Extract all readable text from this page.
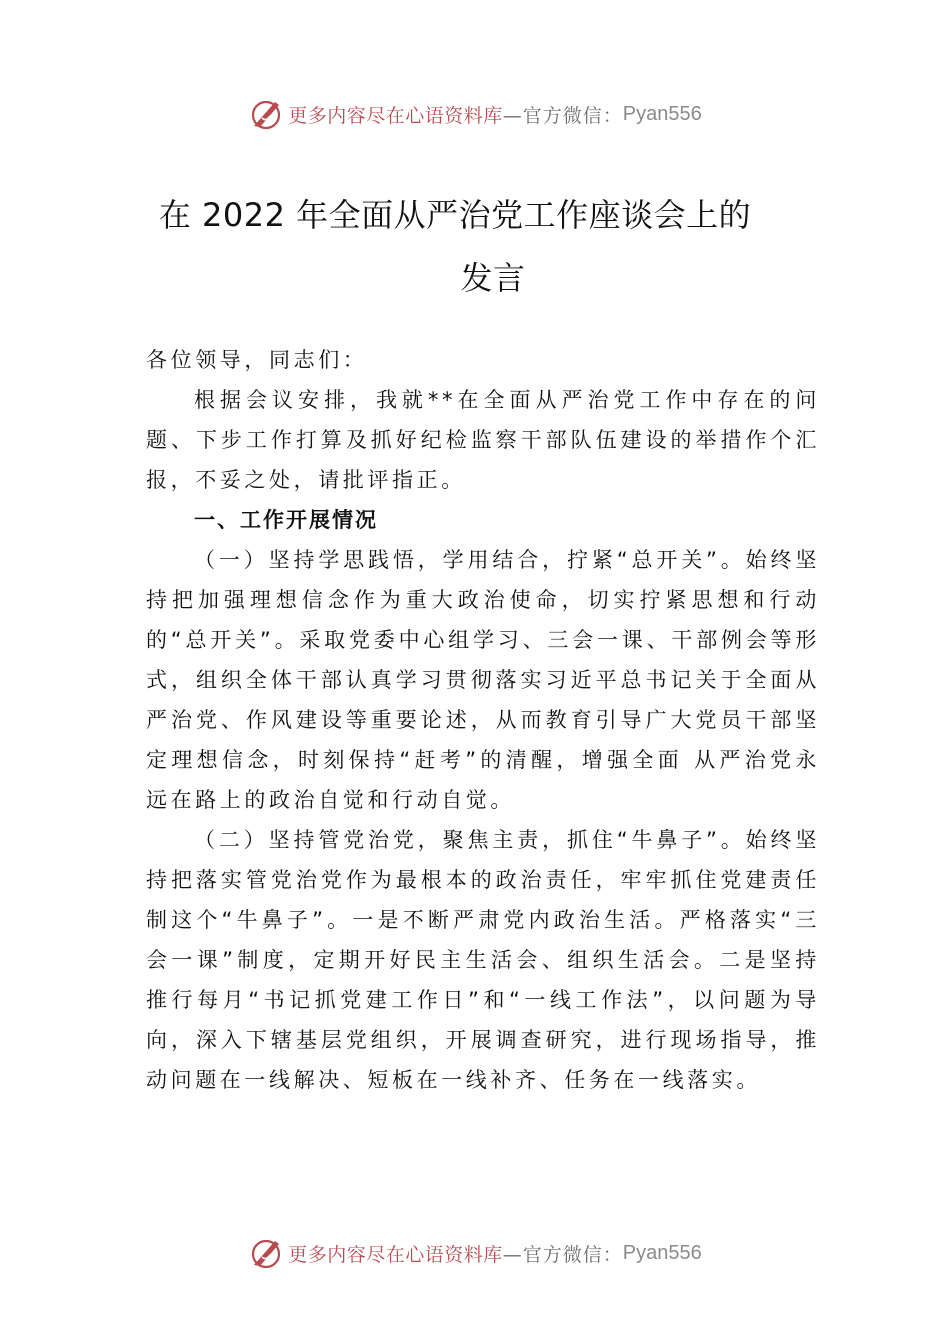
更多内容尽在心语资料库 —官方微信： Pyan556
在 2022 年全面从严治党工作座谈会上的
发言

各位领导，同志们：

根据会议安排，我就**在全面从严治党工作中存在的问题、下步工作打算及抓好纪检监察干部队伍建设的举措作个汇报，不妥之处，请批评指正。

一、工作开展情况

（一）坚持学思践悟，学用结合，拧紧“总开关”。始终坚持把加强理想信念作为重大政治使命，切实拧紧思想和行动的“总开关”。采取党委中心组学习、三会一课、干部例会等形式，组织全体干部认真学习贯彻落实习近平总书记关于全面从严治党、作风建设等重要论述，从而教育引导广大党员干部坚定理想信念，时刻保持“赶考”的清醒，增强全面 从严治党永远在路上的政治自觉和行动自觉。

（二）坚持管党治党，聚焦主责，抓住“牛鼻子”。始终坚持把落实管党治党作为最根本的政治责任，牢牢抓住党建责任制这个“牛鼻子”。一是不断严肃党内政治生活。严格落实“三会一课”制度，定期开好民主生活会、组织生活会。二是坚持推行每月“书记抓党建工作日”和“一线工作法”，以问题为导向，深入下辖基层党组织，开展调查研究，进行现场指导，推动问题在一线解决、短板在一线补齐、任务在一线落实。

更多内容尽在心语资料库 —官方微信： Pyan556
